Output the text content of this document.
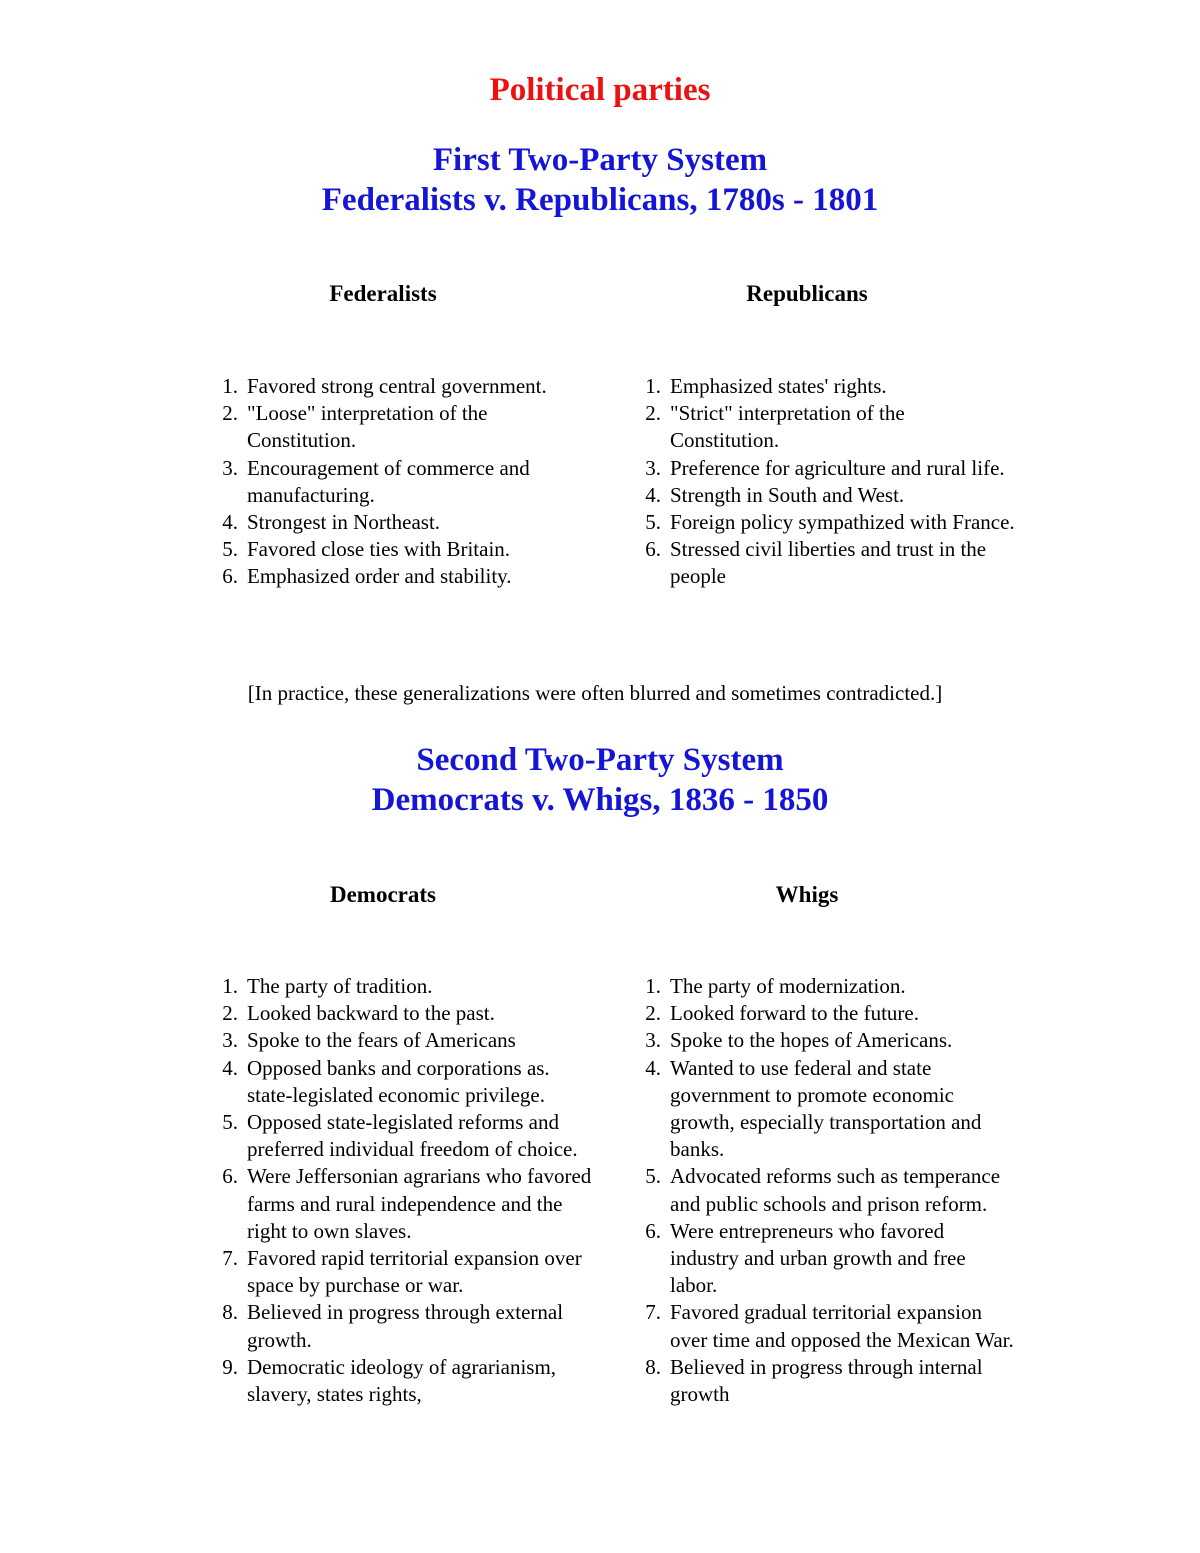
Political parties
First Two-Party System
Federalists v. Republicans, 1780s - 1801
Federalists	Republicans
1. Favored strong central government.
2. "Loose" interpretation of the Constitution.
3. Encouragement of commerce and manufacturing.
4. Strongest in Northeast.
5. Favored close ties with Britain.
6. Emphasized order and stability.
1. Emphasized states' rights.
2. "Strict" interpretation of the Constitution.
3. Preference for agriculture and rural life.
4. Strength in South and West.
5. Foreign policy sympathized with France.
6. Stressed civil liberties and trust in the people
[In practice, these generalizations were often blurred and sometimes contradicted.]
Second Two-Party System
Democrats v. Whigs, 1836 - 1850
Democrats	Whigs
1. The party of tradition.
2. Looked backward to the past.
3. Spoke to the fears of Americans
4. Opposed banks and corporations as. state-legislated economic privilege.
5. Opposed state-legislated reforms and preferred individual freedom of choice.
6. Were Jeffersonian agrarians who favored farms and rural independence and the right to own slaves.
7. Favored rapid territorial expansion over space by purchase or war.
8. Believed in progress through external growth.
9. Democratic ideology of agrarianism, slavery, states rights,
1. The party of modernization.
2. Looked forward to the future.
3. Spoke to the hopes of Americans.
4. Wanted to use federal and state government to promote economic growth, especially transportation and banks.
5. Advocated reforms such as temperance and public schools and prison reform.
6. Were entrepreneurs who favored industry and urban growth and free labor.
7. Favored gradual territorial expansion over time and opposed the Mexican War.
8. Believed in progress through internal growth
